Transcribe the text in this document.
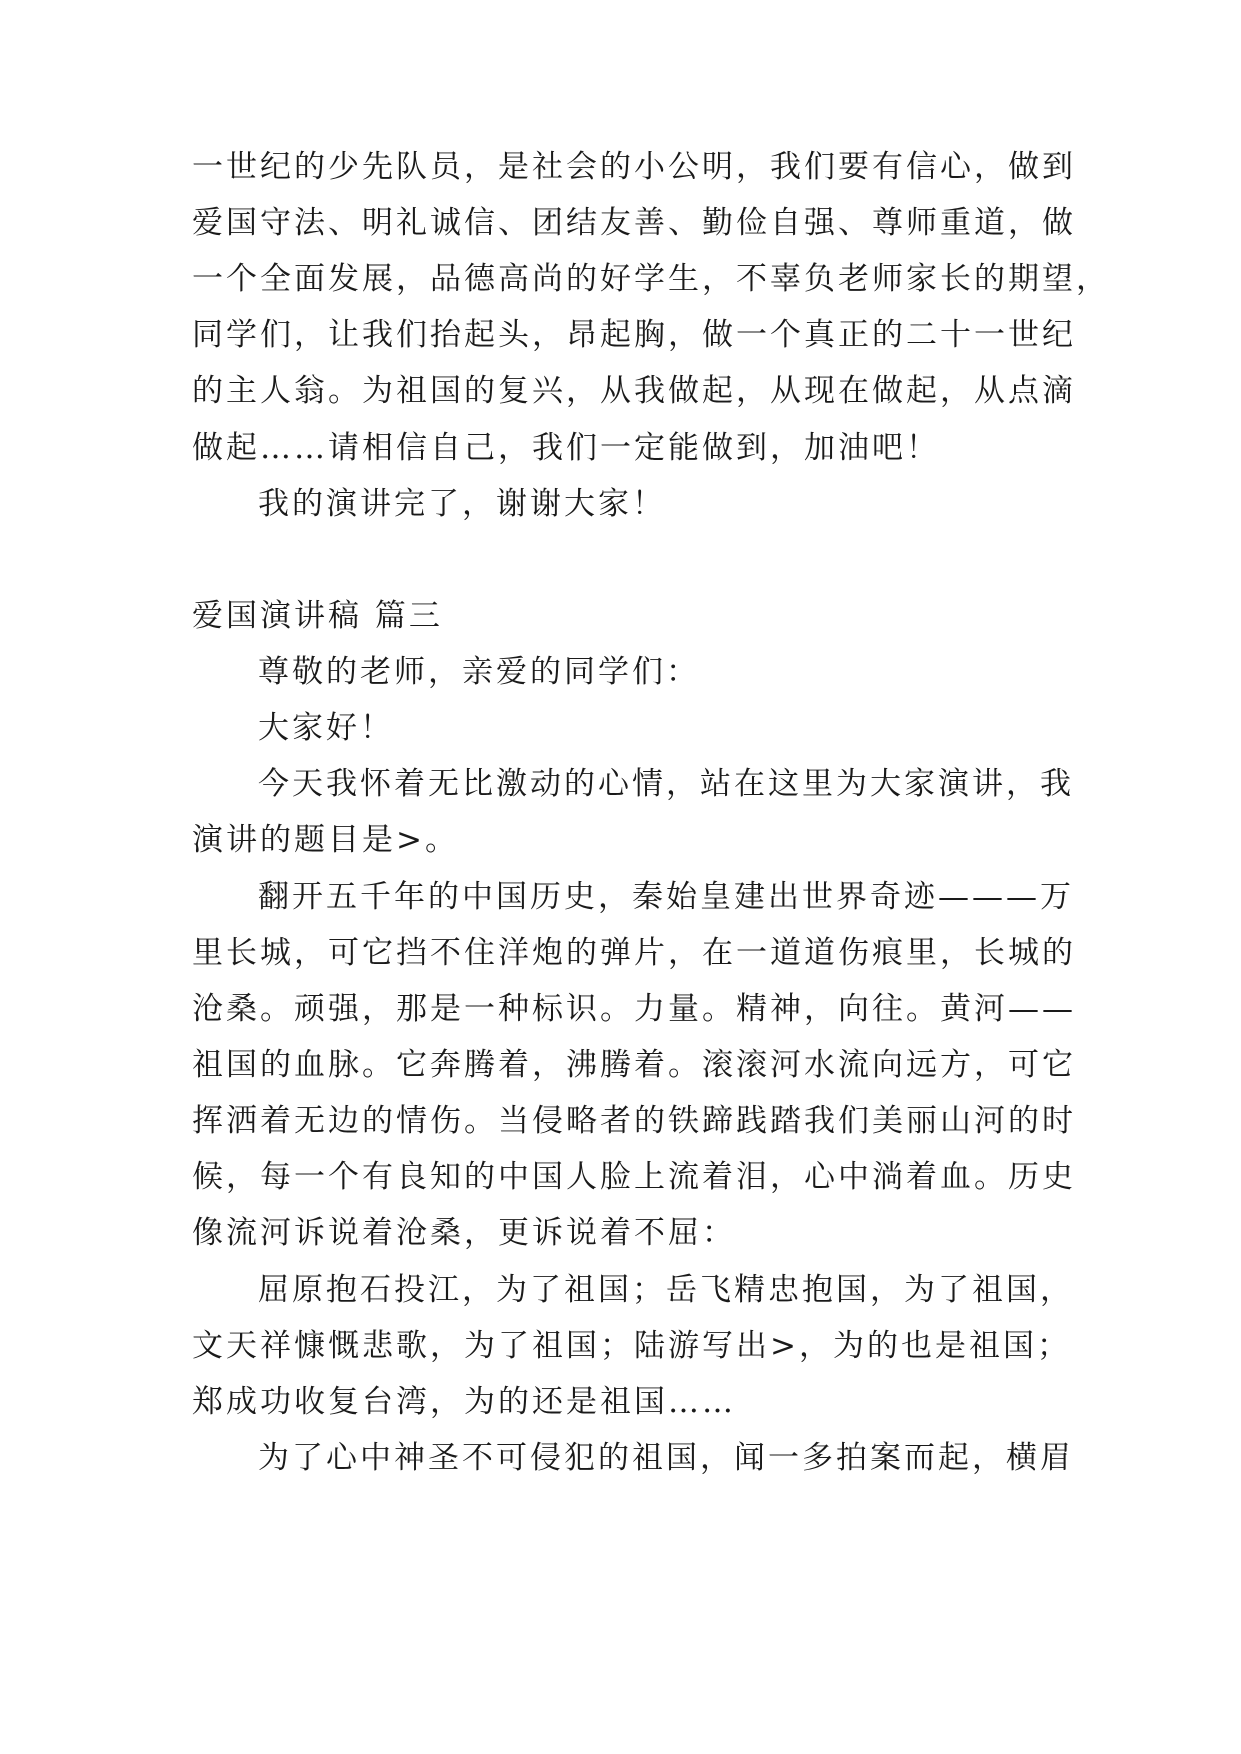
一世纪的少先队员，是社会的小公明，我们要有信心，做到
爱国守法、明礼诚信、团结友善、勤俭自强、尊师重道，做
一个全面发展，品德高尚的好学生，不辜负老师家长的期望，
同学们，让我们抬起头，昂起胸，做一个真正的二十一世纪
的主人翁。为祖国的复兴，从我做起，从现在做起，从点滴
做起……请相信自己，我们一定能做到，加油吧！
我的演讲完了，谢谢大家！
爱国演讲稿 篇三
尊敬的老师，亲爱的同学们：
大家好！
今天我怀着无比激动的心情，站在这里为大家演讲，我
演讲的题目是>。
翻开五千年的中国历史，秦始皇建出世界奇迹———万
里长城，可它挡不住洋炮的弹片，在一道道伤痕里，长城的
沧桑。顽强，那是一种标识。力量。精神，向往。黄河——
祖国的血脉。它奔腾着，沸腾着。滚滚河水流向远方，可它
挥洒着无边的情伤。当侵略者的铁蹄践踏我们美丽山河的时
候，每一个有良知的中国人脸上流着泪，心中淌着血。历史
像流河诉说着沧桑，更诉说着不屈：
屈原抱石投江，为了祖国；岳飞精忠抱国，为了祖国，
文天祥慷慨悲歌，为了祖国；陆游写出>，为的也是祖国；
郑成功收复台湾，为的还是祖国……
为了心中神圣不可侵犯的祖国，闻一多拍案而起，横眉
